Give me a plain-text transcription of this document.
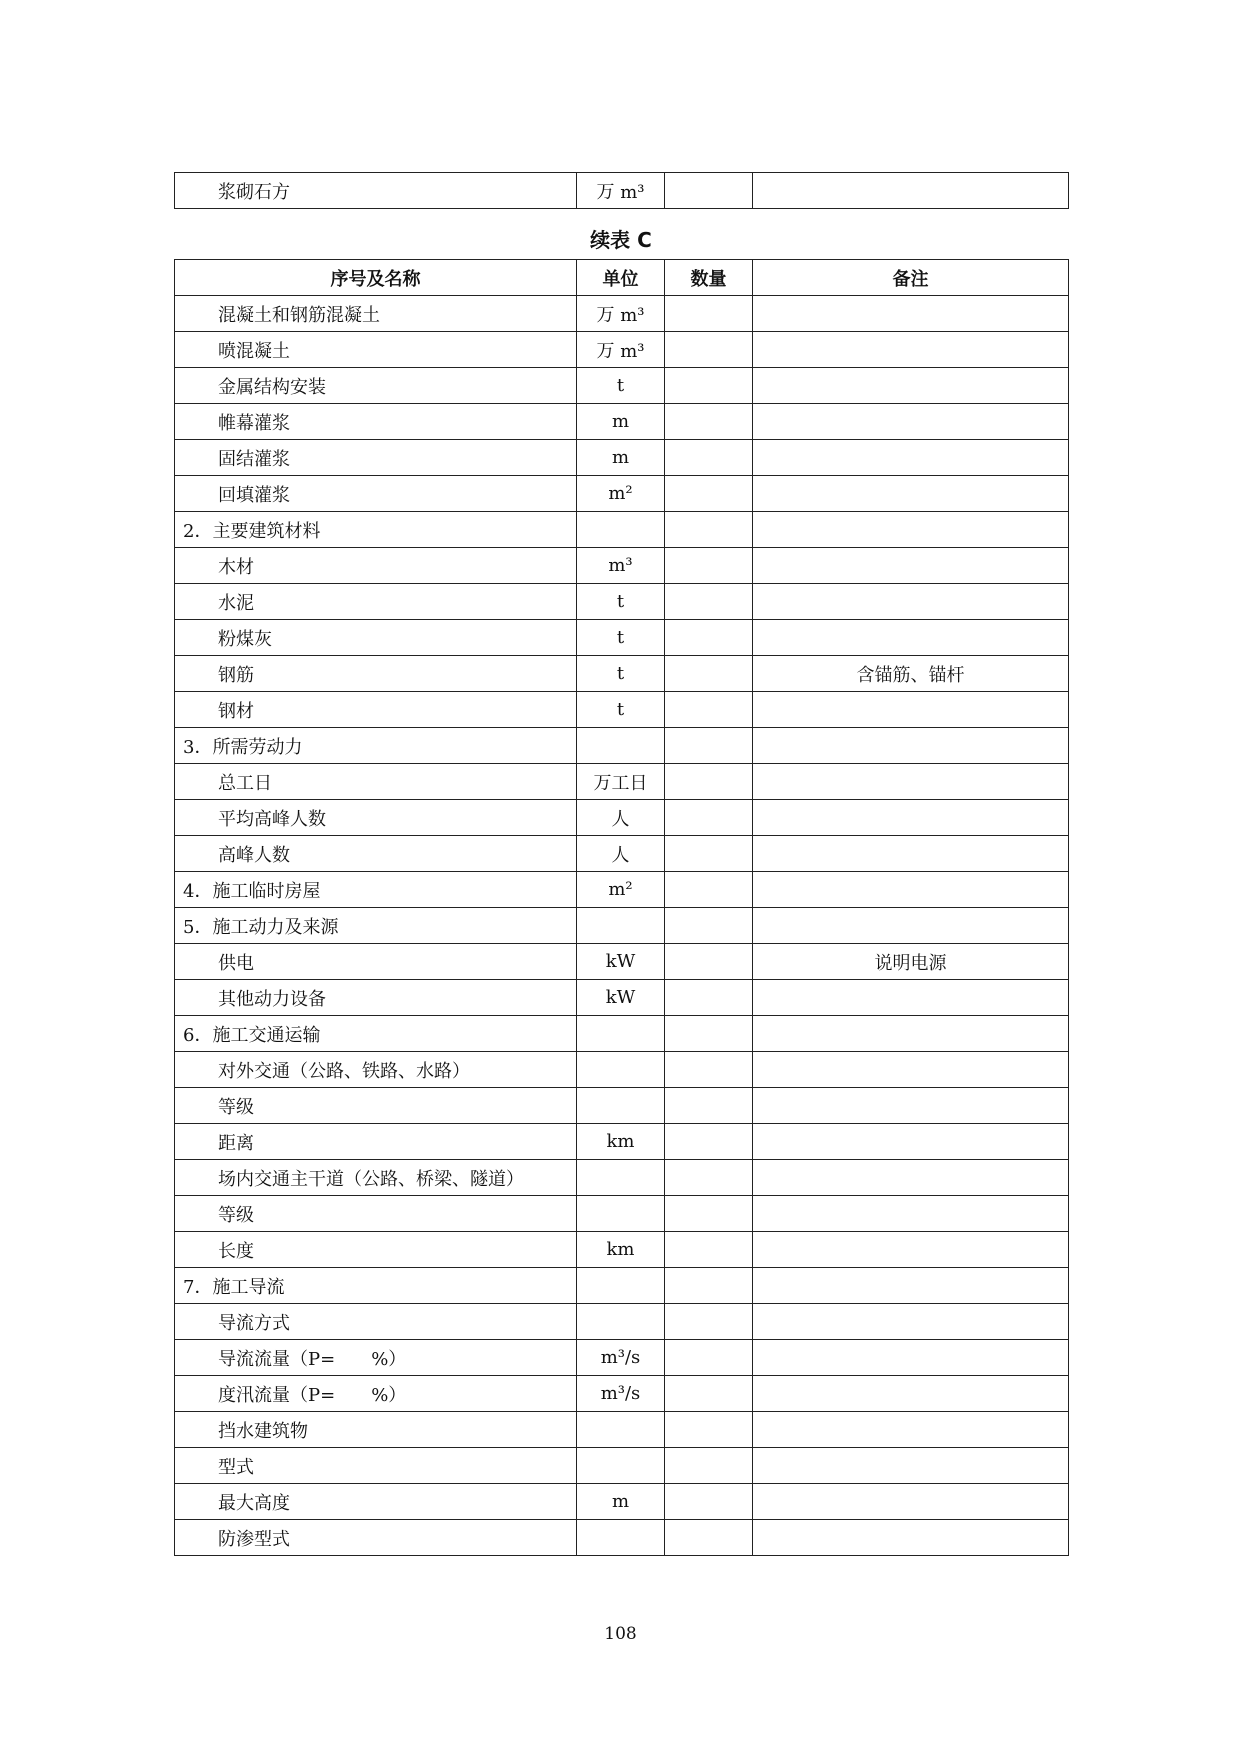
浆砌石方	万 m³		
续表 C
序号及名称	单位	数量	备注
混凝土和钢筋混凝土	万 m³		
喷混凝土	万 m³		
金属结构安装	t		
帷幕灌浆	m		
固结灌浆	m		
回填灌浆	m²		
2．主要建筑材料			
木材	m³		
水泥	t		
粉煤灰	t		
钢筋	t		含锚筋、锚杆
钢材	t		
3．所需劳动力			
总工日	万工日		
平均高峰人数	人		
高峰人数	人		
4．施工临时房屋	m²		
5．施工动力及来源			
供电	kW		说明电源
其他动力设备	kW		
6．施工交通运输			
对外交通（公路、铁路、水路）			
等级			
距离	km		
场内交通主干道（公路、桥梁、隧道）			
等级			
长度	km		
7．施工导流			
导流方式			
导流流量（P=　　%）	m³/s		
度汛流量（P=　　%）	m³/s		
挡水建筑物			
型式			
最大高度	m		
防渗型式			
108
